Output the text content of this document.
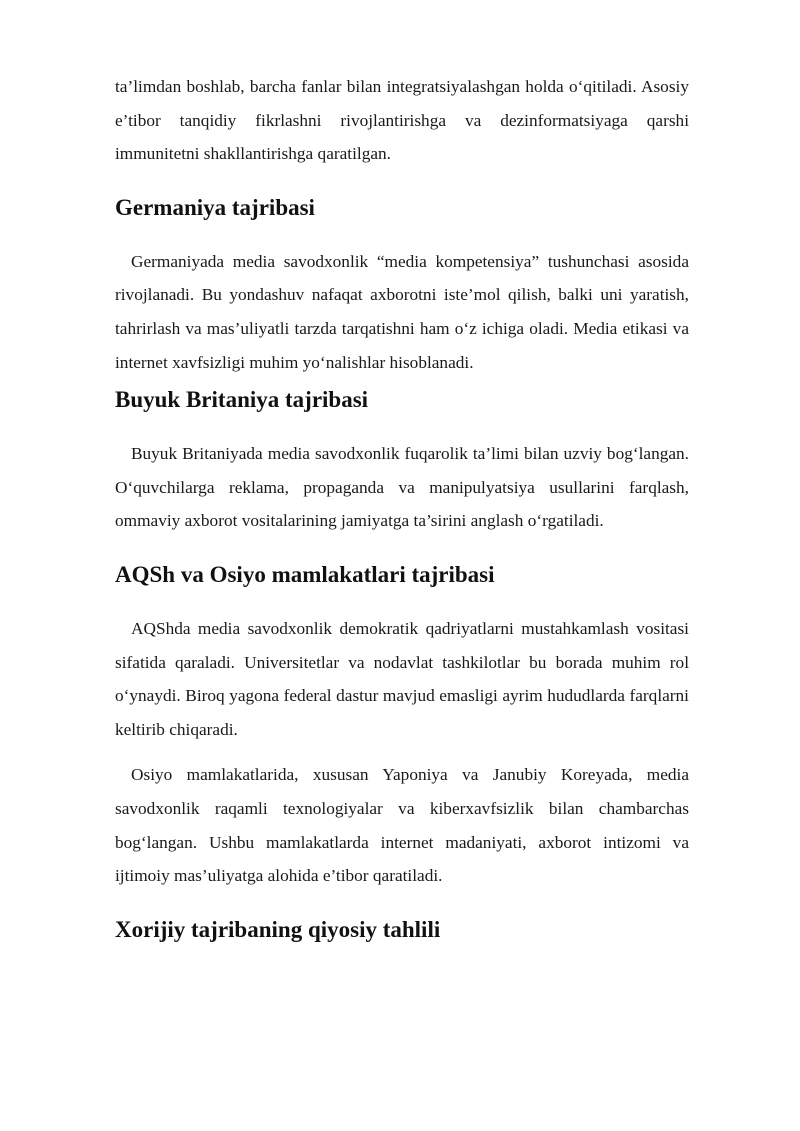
ta’limdan boshlab, barcha fanlar bilan integratsiyalashgan holda o‘qitiladi. Asosiy e’tibor tanqidiy fikrlashni rivojlantirishga va dezinformatsiyaga qarshi immunitetni shakllantirishga qaratilgan.

Germaniya tajribasi

Germaniyada media savodxonlik “media kompetensiya” tushunchasi asosida rivojlanadi. Bu yondashuv nafaqat axborotni iste’mol qilish, balki uni yaratish, tahrirlash va mas’uliyatli tarzda tarqatishni ham o‘z ichiga oladi. Media etikasi va internet xavfsizligi muhim yo‘nalishlar hisoblanadi.

Buyuk Britaniya tajribasi

Buyuk Britaniyada media savodxonlik fuqarolik ta’limi bilan uzviy bog‘langan. O‘quvchilarga reklama, propaganda va manipulyatsiya usullarini farqlash, ommaviy axborot vositalarining jamiyatga ta’sirini anglash o‘rgatiladi.

AQSh va Osiyo mamlakatlari tajribasi

AQShda media savodxonlik demokratik qadriyatlarni mustahkamlash vositasi sifatida qaraladi. Universitetlar va nodavlat tashkilotlar bu borada muhim rol o‘ynaydi. Biroq yagona federal dastur mavjud emasligi ayrim hududlarda farqlarni keltirib chiqaradi.

Osiyo mamlakatlarida, xususan Yaponiya va Janubiy Koreyada, media savodxonlik raqamli texnologiyalar va kiberxavfsizlik bilan chambarchas bog‘langan. Ushbu mamlakatlarda internet madaniyati, axborot intizomi va ijtimoiy mas’uliyatga alohida e’tibor qaratiladi.

Xorijiy tajribaning qiyosiy tahlili
